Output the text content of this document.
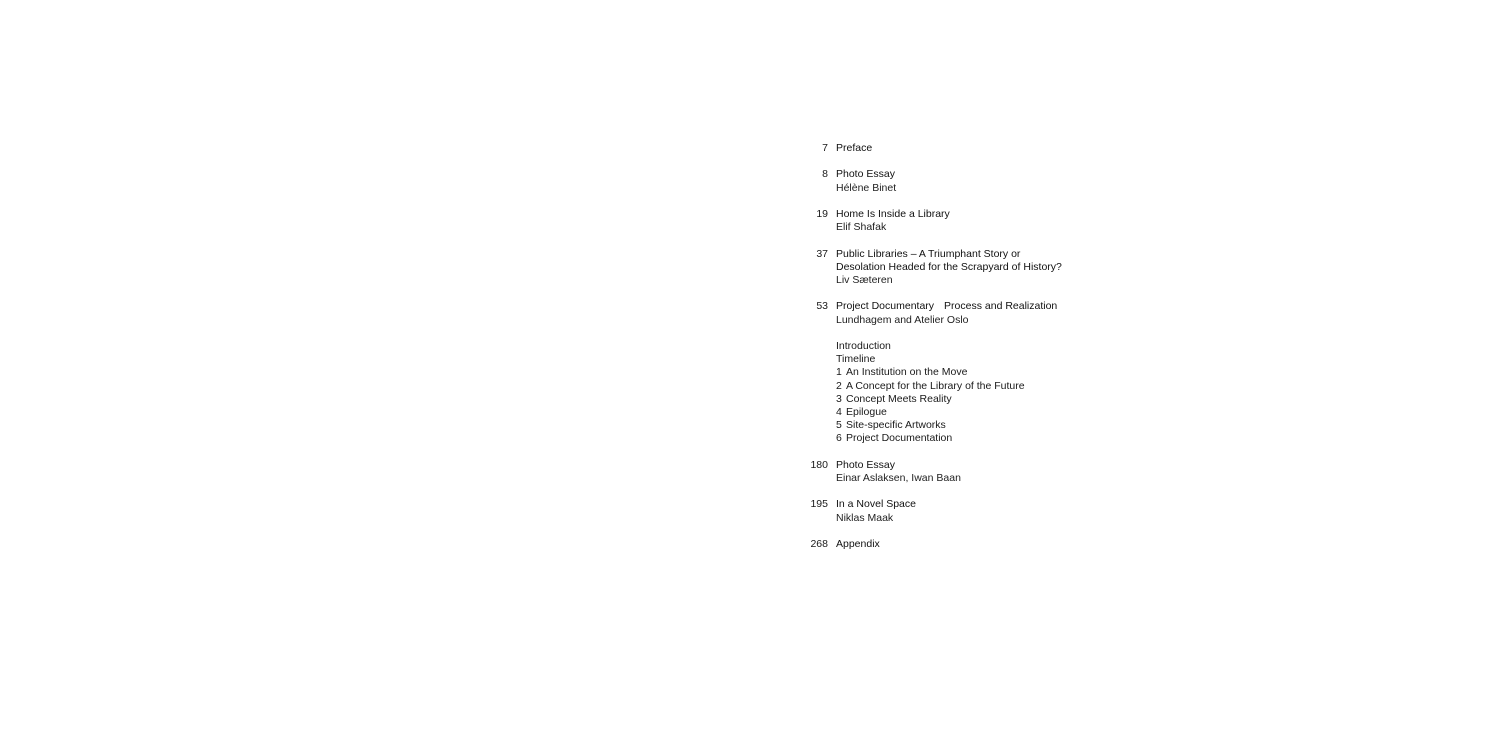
7 Preface
8 Photo Essay
Hélène Binet
19 Home Is Inside a Library
Elif Shafak
37 Public Libraries – A Triumphant Story or
Desolation Headed for the Scrapyard of History?
Liv Sæteren
53 Project Documentary Process and Realization
Lundhagem and Atelier Oslo
Introduction
Timeline
1 An Institution on the Move
2 A Concept for the Library of the Future
3 Concept Meets Reality
4 Epilogue
5 Site-specific Artworks
6 Project Documentation
180 Photo Essay
Einar Aslaksen, Iwan Baan
195 In a Novel Space
Niklas Maak
268 Appendix
